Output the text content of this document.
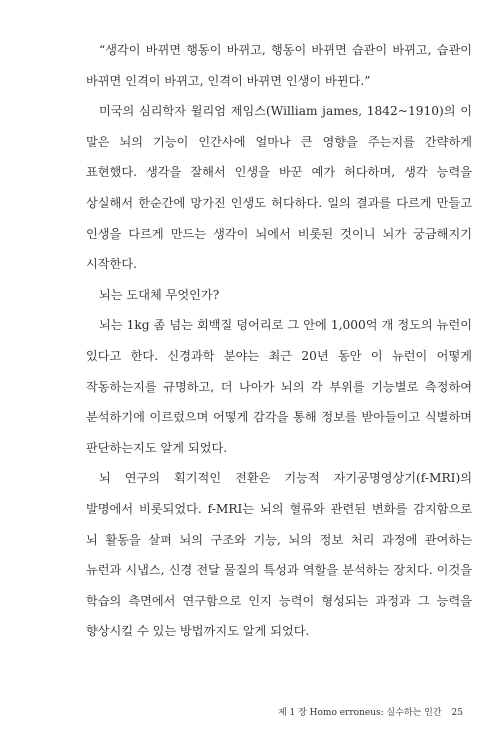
“생각이 바뀌면 행동이 바뀌고, 행동이 바뀌면 습관이 바뀌고, 습관이 바뀌면 인격이 바뀌고, 인격이 바뀌면 인생이 바뀐다.”

미국의 심리학자 윌리엄 제임스(William james, 1842~1910)의 이 말은 뇌의 기능이 인간사에 얼마나 큰 영향을 주는지를 간략하게 표현했다. 생각을 잘해서 인생을 바꾼 예가 허다하며, 생각 능력을 상실해서 한순간에 망가진 인생도 허다하다. 일의 결과를 다르게 만들고 인생을 다르게 만드는 생각이 뇌에서 비롯된 것이니 뇌가 궁금해지기 시작한다.

뇌는 도대체 무엇인가?

뇌는 1kg 좀 넘는 회백질 덩어리로 그 안에 1,000억 개 정도의 뉴런이 있다고 한다. 신경과학 분야는 최근 20년 동안 이 뉴런이 어떻게 작동하는지를 규명하고, 더 나아가 뇌의 각 부위를 기능별로 측정하여 분석하기에 이르렀으며 어떻게 감각을 통해 정보를 받아들이고 식별하며 판단하는지도 알게 되었다.

뇌 연구의 획기적인 전환은 기능적 자기공명영상기(f-MRI)의 발명에서 비롯되었다. f-MRI는 뇌의 혈류와 관련된 변화를 감지함으로 뇌 활동을 살펴 뇌의 구조와 기능, 뇌의 정보 처리 과정에 관여하는 뉴런과 시냅스, 신경 전달 물질의 특성과 역할을 분석하는 장치다. 이것을 학습의 측면에서 연구함으로 인지 능력이 형성되는 과정과 그 능력을 향상시킬 수 있는 방법까지도 알게 되었다.

제 1 장 Homo erroneus: 실수하는 인간 25
